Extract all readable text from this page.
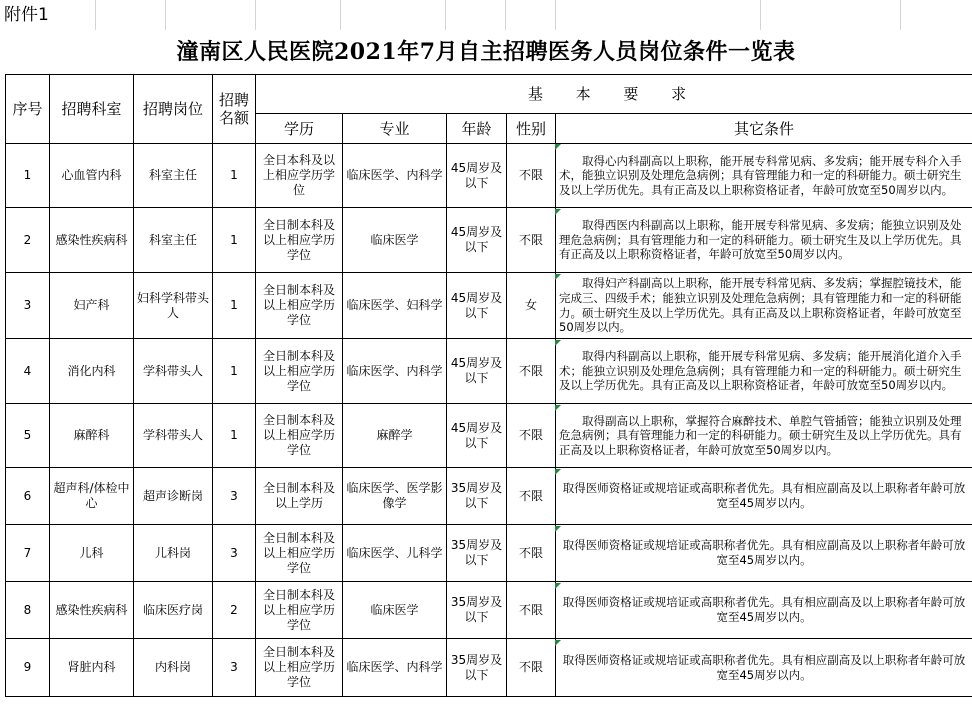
附件1
潼南区人民医院2021年7月自主招聘医务人员岗位条件一览表
序号	招聘科室	招聘岗位	招聘名额	基 本 要 求				
				学历	专业	年龄	性别	其它条件
1	心血管内科	科室主任	1	全日本科及以上相应学历学位	临床医学、内科学	45周岁及以下	不限	取得心内科副高以上职称，能开展专科常见病、多发病；能开展专科介入手术，能独立识别及处理危急病例；具有管理能力和一定的科研能力。硕士研究生及以上学历优先。具有正高及以上职称资格证者，年龄可放宽至50周岁以内。

2	感染性疾病科	科室主任	1	全日制本科及以上相应学历学位	临床医学	45周岁及以下	不限	取得西医内科副高以上职称，能开展专科常见病、多发病；能独立识别及处理危急病例；具有管理能力和一定的科研能力。硕士研究生及以上学历优先。具有正高及以上职称资格证者，年龄可放宽至50周岁以内。

3	妇产科	妇科学科带头人	1	全日制本科及以上相应学历学位	临床医学、妇科学	45周岁及以下	女	取得妇产科副高以上职称，能开展专科常见病、多发病；掌握腔镜技术，能完成三、四级手术；能独立识别及处理危急病例；具有管理能力和一定的科研能力。硕士研究生及以上学历优先。具有正高及以上职称资格证者，年龄可放宽至50周岁以内。

4	消化内科	学科带头人	1	全日制本科及以上相应学历学位	临床医学、内科学	45周岁及以下	不限	取得内科副高以上职称，能开展专科常见病、多发病；能开展消化道介入手术；能独立识别及处理危急病例；具有管理能力和一定的科研能力。硕士研究生及以上学历优先。具有正高及以上职称资格证者，年龄可放宽至50周岁以内。

5	麻醉科	学科带头人	1	全日制本科及以上相应学历学位	麻醉学	45周岁及以下	不限	取得副高以上职称，掌握符合麻醉技术、单腔气管插管；能独立识别及处理危急病例；具有管理能力和一定的科研能力。硕士研究生及以上学历优先。具有正高及以上职称资格证者，年龄可放宽至50周岁以内。

6	超声科/体检中心	超声诊断岗	3	全日制本科及以上学历	临床医学、医学影像学	35周岁及以下	不限	取得医师资格证或规培证或高职称者优先。具有相应副高及以上职称者年龄可放宽至45周岁以内。
7	儿科	儿科岗	3	全日制本科及以上相应学历学位	临床医学、儿科学	35周岁及以下	不限	取得医师资格证或规培证或高职称者优先。具有相应副高及以上职称者年龄可放宽至45周岁以内。
8	感染性疾病科	临床医疗岗	2	全日制本科及以上相应学历学位	临床医学	35周岁及以下	不限	取得医师资格证或规培证或高职称者优先。具有相应副高及以上职称者年龄可放宽至45周岁以内。
9	肾脏内科	内科岗	3	全日制本科及以上相应学历学位	临床医学、内科学	35周岁及以下	不限	取得医师资格证或规培证或高职称者优先。具有相应副高及以上职称者年龄可放宽至45周岁以内。
